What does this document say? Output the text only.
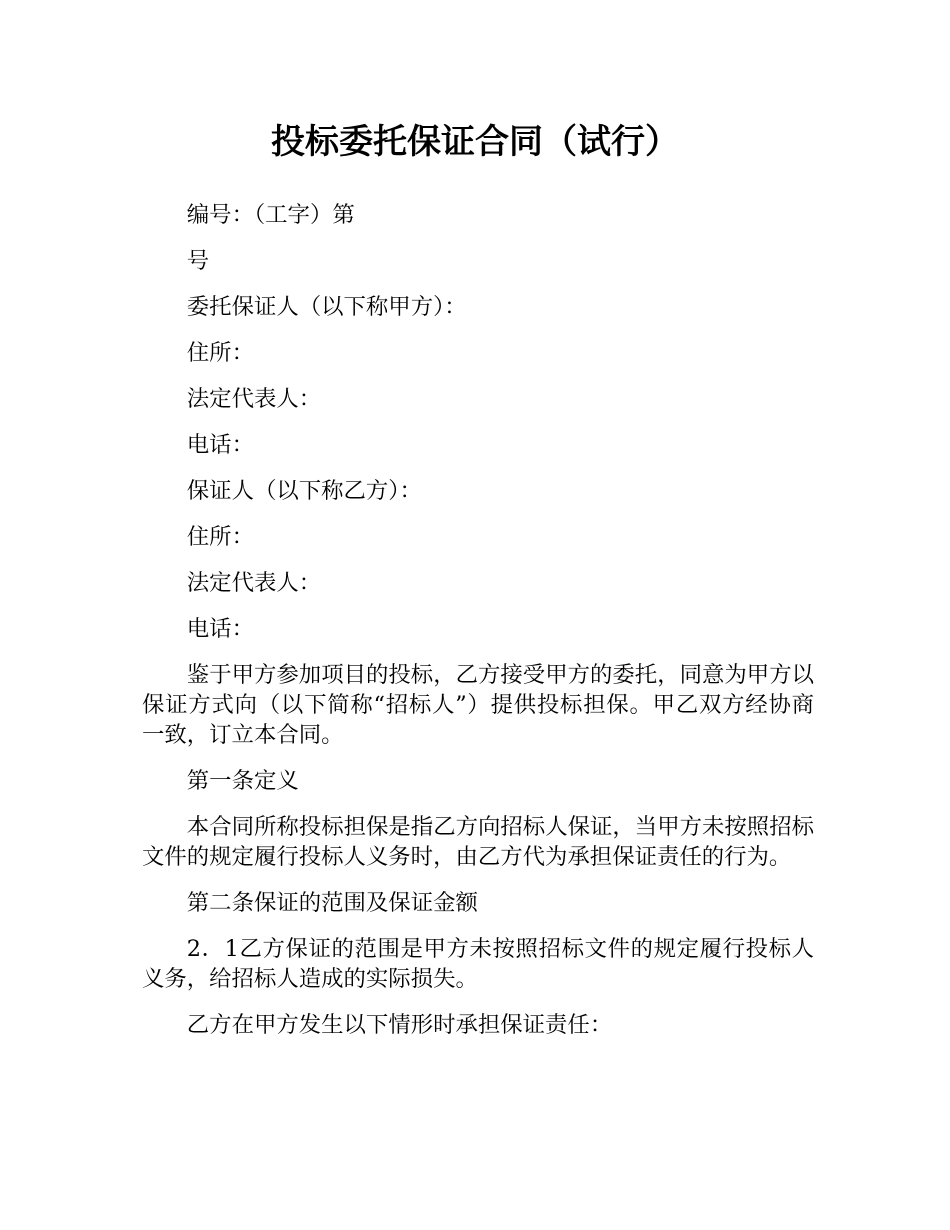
投标委托保证合同（试行）

编号：（工字）第

号

委托保证人（以下称甲方）：

住所：

法定代表人：

电话：

保证人（以下称乙方）：

住所：

法定代表人：

电话：

鉴于甲方参加项目的投标，乙方接受甲方的委托，同意为甲方以保证方式向（以下简称“招标人”）提供投标担保。甲乙双方经协商一致，订立本合同。

第一条定义

本合同所称投标担保是指乙方向招标人保证，当甲方未按照招标文件的规定履行投标人义务时，由乙方代为承担保证责任的行为。

第二条保证的范围及保证金额

2．1乙方保证的范围是甲方未按照招标文件的规定履行投标人义务，给招标人造成的实际损失。

乙方在甲方发生以下情形时承担保证责任：
